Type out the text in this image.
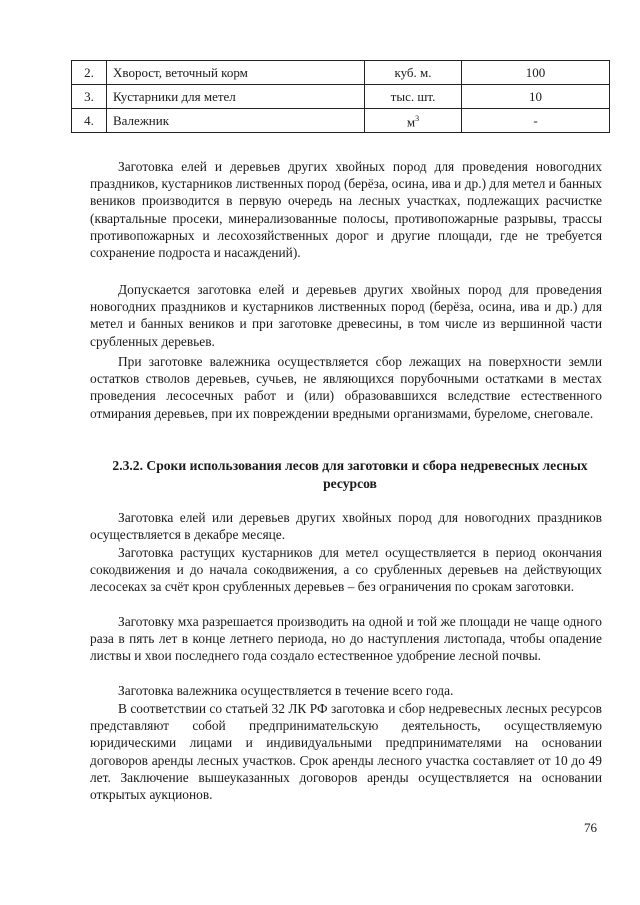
2.	Хворост, веточный корм	куб. м.	100
3.	Кустарники для метел	тыс. шт.	10
4.	Валежник	$м^3$	-

Заготовка елей и деревьев других хвойных пород для проведения новогодних праздников, кустарников лиственных пород (берёза, осина, ива и др.) для метел и банных веников производится в первую очередь на лесных участках, подлежащих расчистке (квартальные просеки, минерализованные полосы, противопожарные разрывы, трассы противопожарных и лесохозяйственных дорог и другие площади, где не требуется сохранение подроста и насаждений).

Допускается заготовка елей и деревьев других хвойных пород для проведения новогодних праздников и кустарников лиственных пород (берёза, осина, ива и др.) для метел и банных веников и при заготовке древесины, в том числе из вершинной части срубленных деревьев.

При заготовке валежника осуществляется сбор лежащих на поверхности земли остатков стволов деревьев, сучьев, не являющихся порубочными остатками в местах проведения лесосечных работ и (или) образовавшихся вследствие естественного отмирания деревьев, при их повреждении вредными организмами, буреломе, снеговале.

2.3.2. Сроки использования лесов для заготовки и сбора недревесных лесных ресурсов

Заготовка елей или деревьев других хвойных пород для новогодних праздников осуществляется в декабре месяце.

Заготовка растущих кустарников для метел осуществляется в период окончания сокодвижения и до начала сокодвижения, а со срубленных деревьев на действующих лесосеках за счёт крон срубленных деревьев – без ограничения по срокам заготовки.

Заготовку мха разрешается производить на одной и той же площади не чаще одного раза в пять лет в конце летнего периода, но до наступления листопада, чтобы опадение листвы и хвои последнего года создало естественное удобрение лесной почвы.

Заготовка валежника осуществляется в течение всего года.

В соответствии со статьей 32 ЛК РФ заготовка и сбор недревесных лесных ресурсов представляют собой предпринимательскую деятельность, осуществляемую юридическими лицами и индивидуальными предпринимателями на основании договоров аренды лесных участков. Срок аренды лесного участка составляет от 10 до 49 лет. Заключение вышеуказанных договоров аренды осуществляется на основании открытых аукционов.

76
